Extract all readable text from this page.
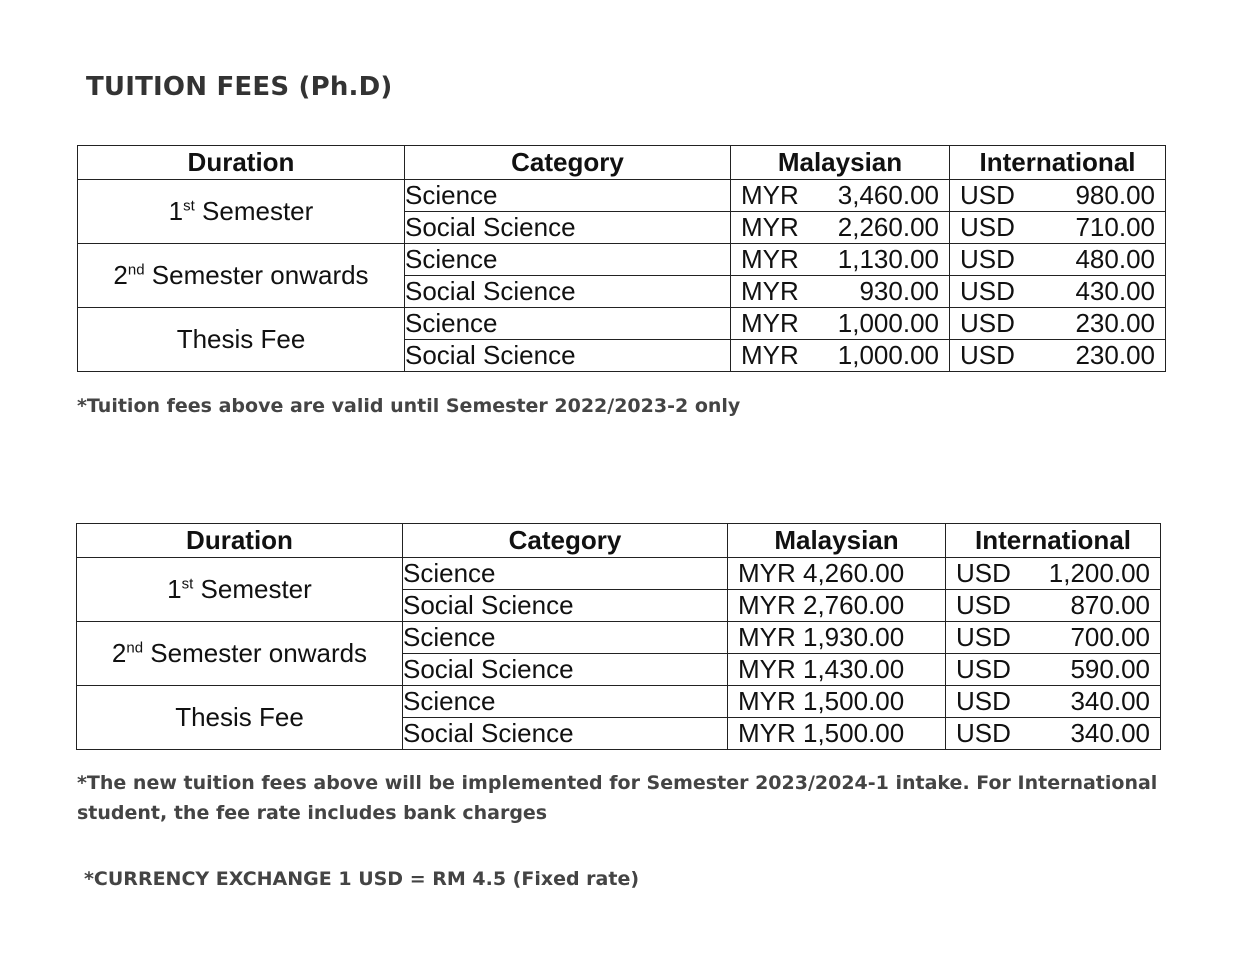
TUITION FEES (Ph.D)
Duration	Category	Malaysian	International
1st Semester	Science	MYR 3,460.00	USD 980.00

	Social Science	MYR 2,260.00	USD 710.00

2nd Semester onwards	Science	MYR 1,130.00	USD 480.00

	Social Science	MYR 930.00	USD 430.00

Thesis Fee	Science	MYR 1,000.00	USD 230.00

	Social Science	MYR 1,000.00	USD 230.00
*Tuition fees above are valid until Semester 2022/2023-2 only
Duration	Category	Malaysian	International
1st Semester	Science	MYR 4,260.00	USD 1,200.00

	Social Science	MYR 2,760.00	USD 870.00

2nd Semester onwards	Science	MYR 1,930.00	USD 700.00

	Social Science	MYR 1,430.00	USD 590.00

Thesis Fee	Science	MYR 1,500.00	USD 340.00

	Social Science	MYR 1,500.00	USD 340.00
*The new tuition fees above will be implemented for Semester 2023/2024-1 intake. For International student, the fee rate includes bank charges
*CURRENCY EXCHANGE 1 USD = RM 4.5 (Fixed rate)
